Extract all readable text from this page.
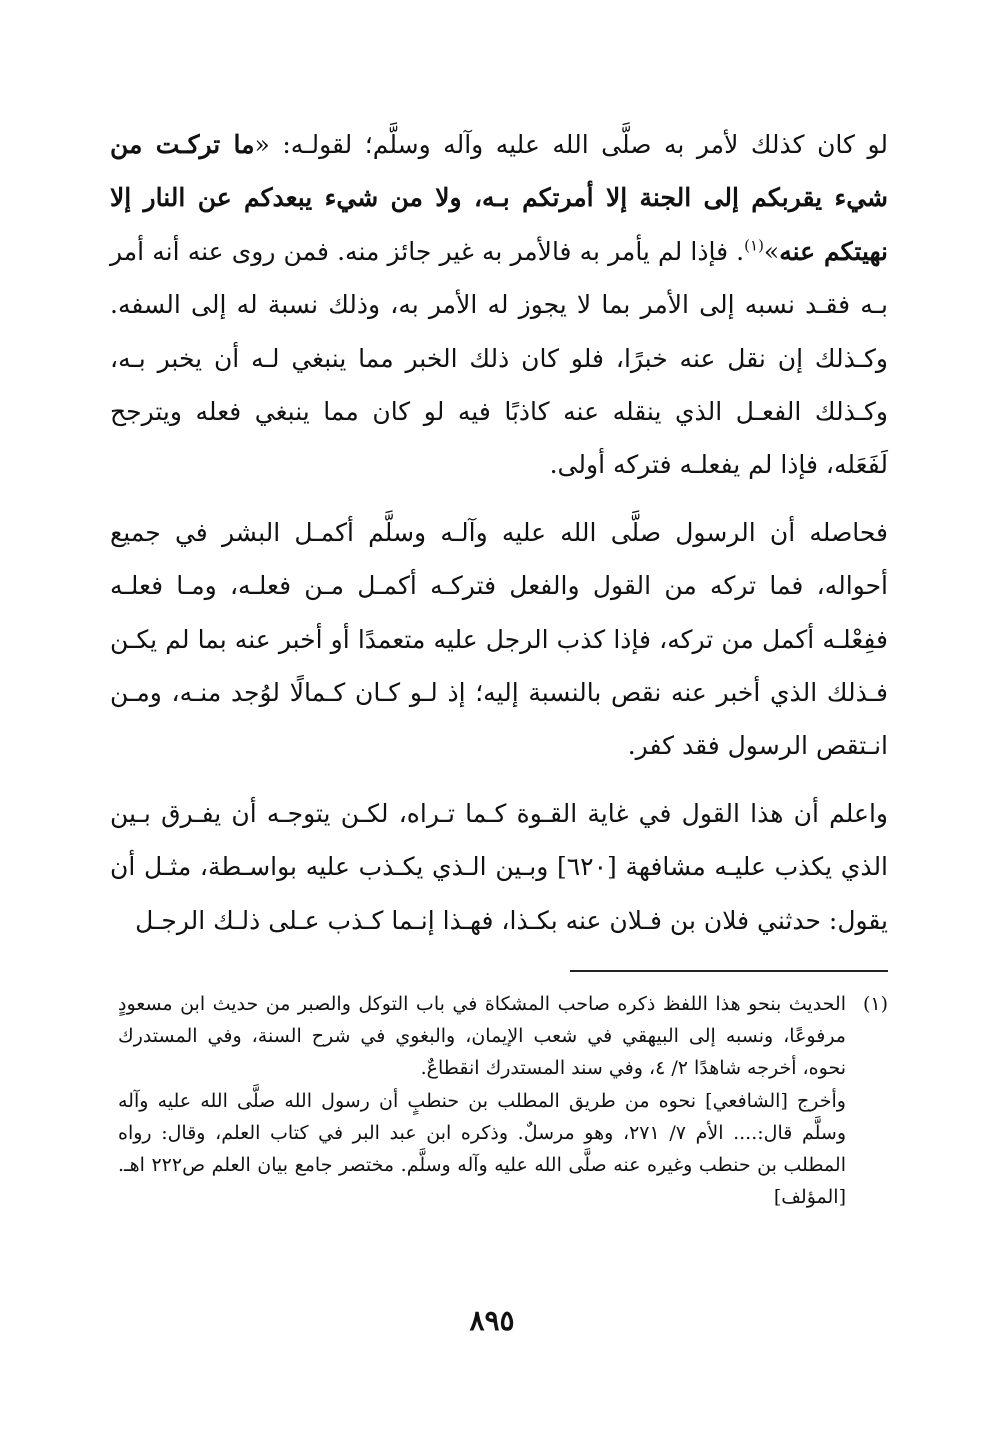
لو كان كذلك لأمر به صلَّى الله عليه وآله وسلَّم؛ لقولـه: «ما تركـت من شيء يقربكم إلى الجنة إلا أمرتكم بـه، ولا من شيء يبعدكم عن النار إلا نهيتكم عنه»$^{(١)}$. فإذا لم يأمر به فالأمر به غير جائز منه. فمن روى عنه أنه أمر بـه فقـد نسبه إلى الأمر بما لا يجوز له الأمر به، وذلك نسبة له إلى السفه. وكـذلك إن نقل عنه خبرًا، فلو كان ذلك الخبر مما ينبغي لـه أن يخبر بـه، وكـذلك الفعـل الذي ينقله عنه كاذبًا فيه لو كان مما ينبغي فعله ويترجح لَفَعَله، فإذا لم يفعلـه فتركه أولى.

فحاصله أن الرسول صلَّى الله عليه وآلـه وسلَّم أكمـل البشر في جميع أحواله، فما تركه من القول والفعل فتركـه أكمـل مـن فعلـه، ومـا فعلـه ففِعْلـه أكمل من تركه، فإذا كذب الرجل عليه متعمدًا أو أخبر عنه بما لم يكـن فـذلك الذي أخبر عنه نقص بالنسبة إليه؛ إذ لـو كـان كـمالًا لوُجد منـه، ومـن انـتقص الرسول فقد كفر.

واعلم أن هذا القول في غاية القـوة كـما تـراه، لكـن يتوجـه أن يفـرق بـين الذي يكذب عليـه مشافهة [٦٢٠] وبـين الـذي يكـذب عليه بواسـطة، مثـل أن يقول: حدثني فلان بن فـلان عنه بكـذا، فهـذا إنـما كـذب عـلى ذلـك الرجـل

(١)
الحديث بنحو هذا اللفظ ذكره صاحب المشكاة في باب التوكل والصبر من حديث ابن مسعودٍ مرفوعًا، ونسبه إلى البيهقي في شعب الإيمان، والبغوي في شرح السنة، وفي المستدرك نحوه، أخرجه شاهدًا ٢/ ٤، وفي سند المستدرك انقطاعٌ.
وأخرج [الشافعي] نحوه من طريق المطلب بن حنطبٍ أن رسول الله صلَّى الله عليه وآله وسلَّم قال:.... الأم ٧/ ٢٧١، وهو مرسلٌ. وذكره ابن عبد البر في كتاب العلم، وقال: رواه المطلب بن حنطب وغيره عنه صلَّى الله عليه وآله وسلَّم. مختصر جامع بيان العلم ص٢٢٢ اهـ. [المؤلف]
٨٩٥
